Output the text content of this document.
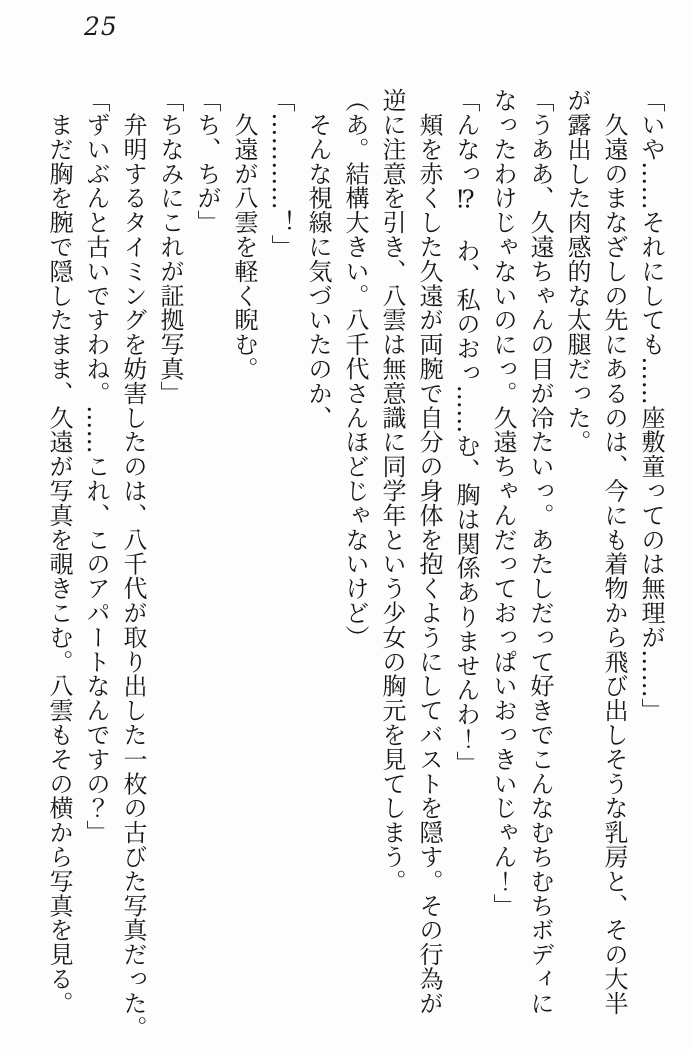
25

「いや……それにしても……座敷童ってのは無理が……」

　久遠のまなざしの先にあるのは、今にも着物から飛び出しそうな乳房と、その大半

が露出した肉感的な太腿だった。

「うああ、久遠ちゃんの目が冷たいっ。あたしだって好きでこんなむちむちボディに

なったわけじゃないのにっ。久遠ちゃんだっておっぱいおっきいじゃん！」

「んなっ⁉　わ、私のおっ……む、胸は関係ありませんわ！」

　頬を赤くした久遠が両腕で自分の身体を抱くようにしてバストを隠す。その行為が

逆に注意を引き、八雲は無意識に同学年という少女の胸元を見てしまう。

（あ。結構大きい。八千代さんほどじゃないけど）

　そんな視線に気づいたのか、

「…………！」

　久遠が八雲を軽く睨む。

「ち、ちが」

「ちなみにこれが証拠写真」

　弁明するタイミングを妨害したのは、八千代が取り出した一枚の古びた写真だった。

「ずいぶんと古いですわね。……これ、このアパートなんですの？」

　まだ胸を腕で隠したまま、久遠が写真を覗きこむ。八雲もその横から写真を見る。
